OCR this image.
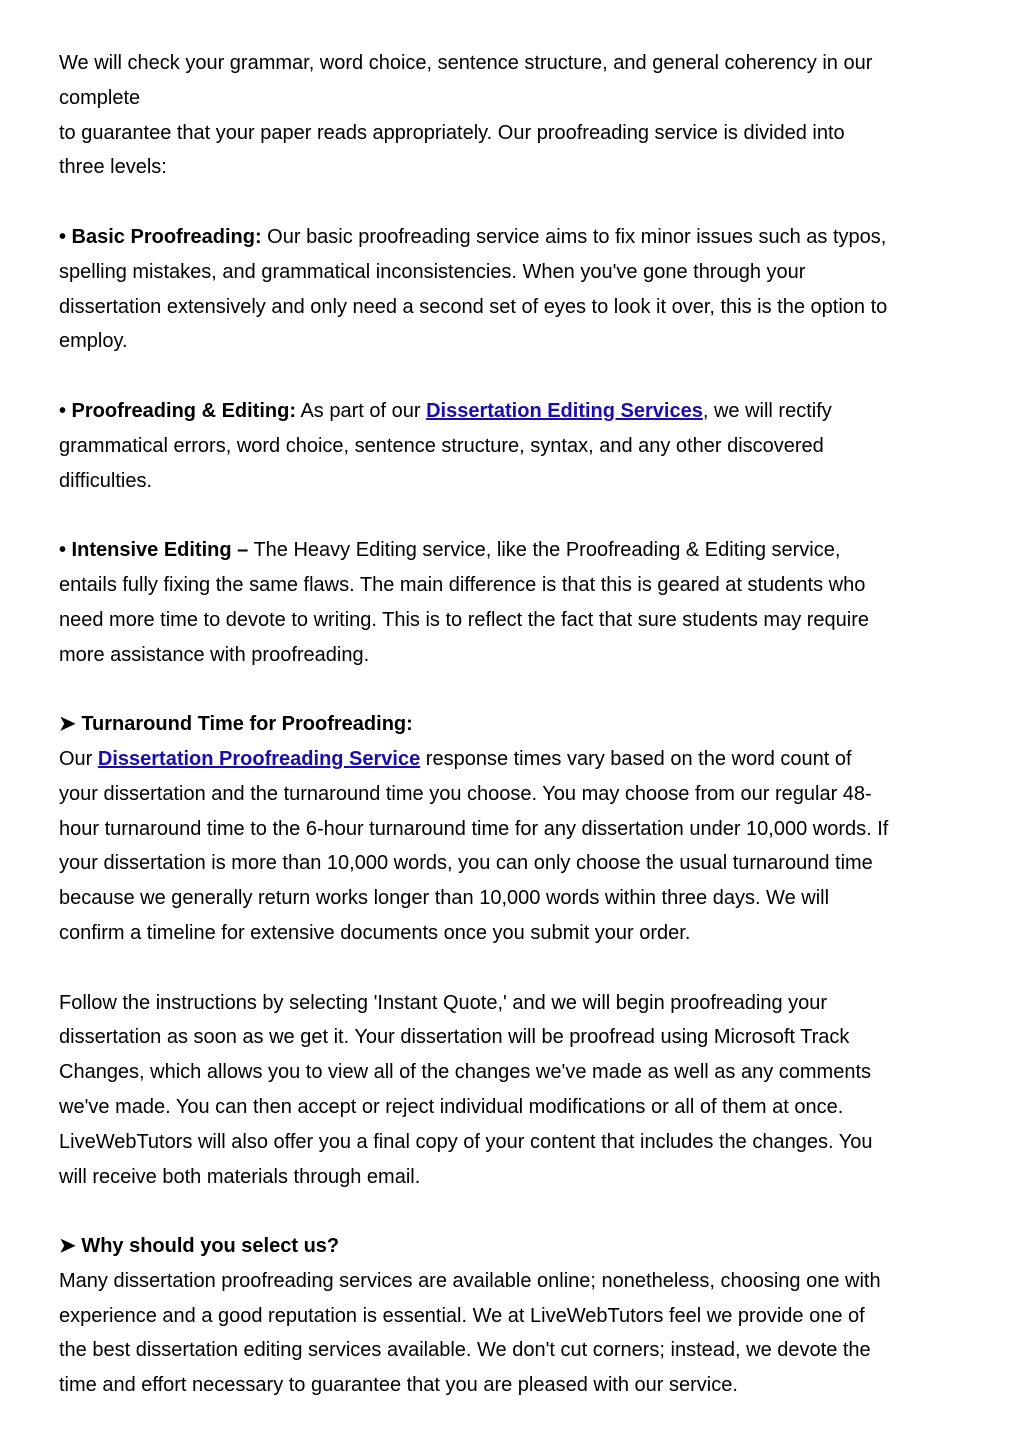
We will check your grammar, word choice, sentence structure, and general coherency in our
complete
to guarantee that your paper reads appropriately. Our proofreading service is divided into
three levels:
• Basic Proofreading: Our basic proofreading service aims to fix minor issues such as typos,
spelling mistakes, and grammatical inconsistencies. When you've gone through your
dissertation extensively and only need a second set of eyes to look it over, this is the option to
employ.
• Proofreading & Editing: As part of our Dissertation Editing Services, we will rectify
grammatical errors, word choice, sentence structure, syntax, and any other discovered
difficulties.
• Intensive Editing – The Heavy Editing service, like the Proofreading & Editing service,
entails fully fixing the same flaws. The main difference is that this is geared at students who
need more time to devote to writing. This is to reflect the fact that sure students may require
more assistance with proofreading.
➤ Turnaround Time for Proofreading:
Our Dissertation Proofreading Service response times vary based on the word count of
your dissertation and the turnaround time you choose. You may choose from our regular 48-
hour turnaround time to the 6-hour turnaround time for any dissertation under 10,000 words. If
your dissertation is more than 10,000 words, you can only choose the usual turnaround time
because we generally return works longer than 10,000 words within three days. We will
confirm a timeline for extensive documents once you submit your order.
Follow the instructions by selecting 'Instant Quote,' and we will begin proofreading your
dissertation as soon as we get it. Your dissertation will be proofread using Microsoft Track
Changes, which allows you to view all of the changes we've made as well as any comments
we've made. You can then accept or reject individual modifications or all of them at once.
LiveWebTutors will also offer you a final copy of your content that includes the changes. You
will receive both materials through email.
➤ Why should you select us?
Many dissertation proofreading services are available online; nonetheless, choosing one with
experience and a good reputation is essential. We at LiveWebTutors feel we provide one of
the best dissertation editing services available. We don't cut corners; instead, we devote the
time and effort necessary to guarantee that you are pleased with our service.
